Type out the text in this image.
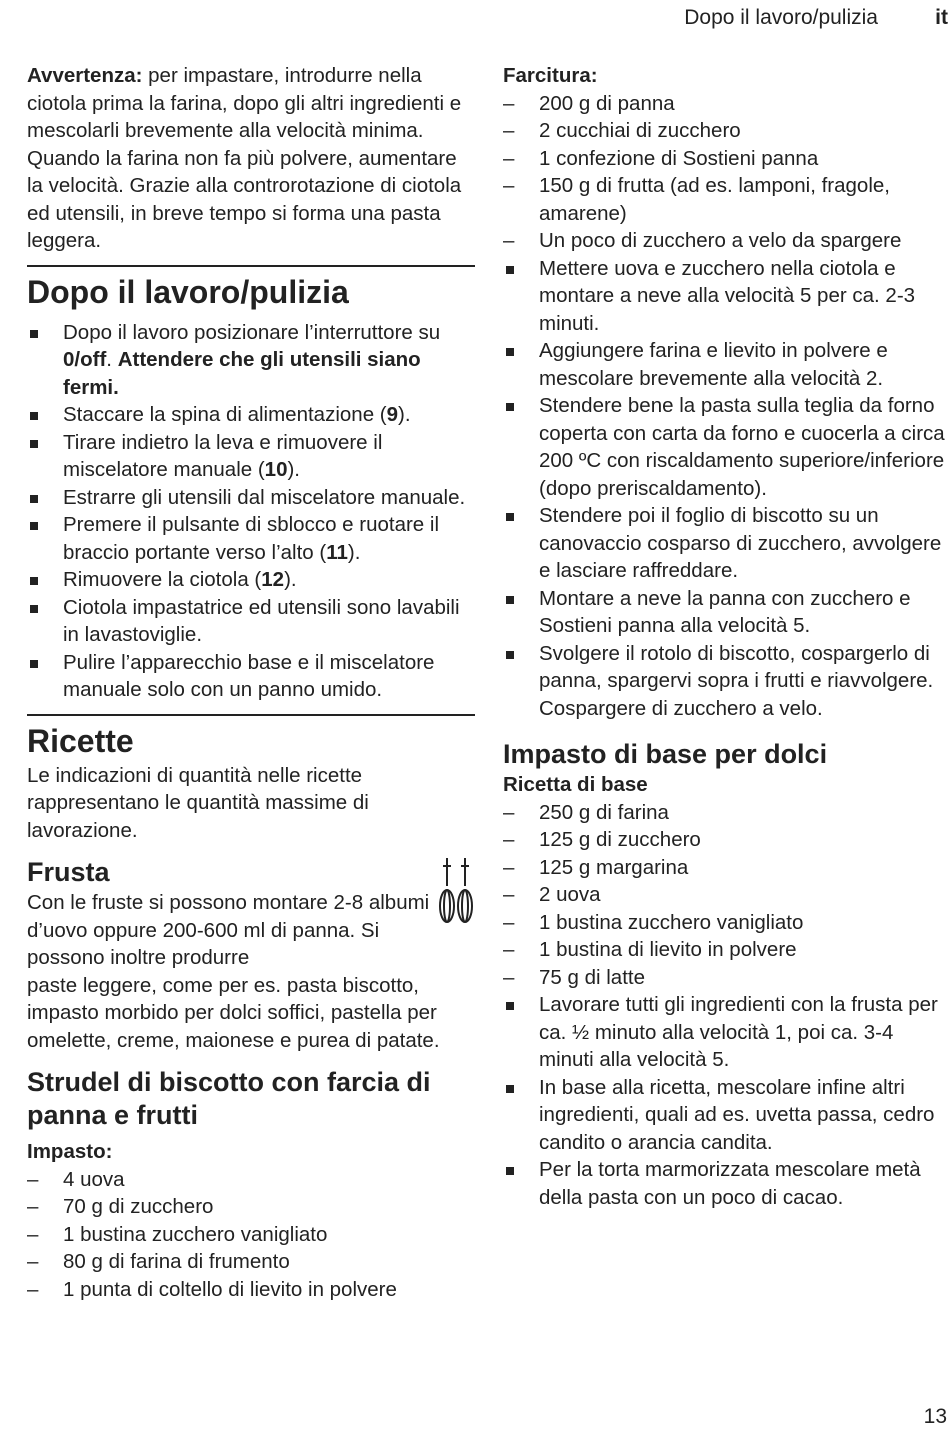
Dopo il lavoro/pulizia	it

Avvertenza: per impastare, introdurre nella ciotola prima la farina, dopo gli altri ingredienti e mescolarli brevemente alla velocità minima. Quando la farina non fa più polvere, aumentare la velocità. Grazie alla controrotazione di ciotola ed utensili, in breve tempo si forma una pasta leggera.

Dopo il lavoro/pulizia
Dopo il lavoro posizionare l’interruttore su 0/off. Attendere che gli utensili siano fermi.
Staccare la spina di alimentazione (9).
Tirare indietro la leva e rimuovere il miscelatore manuale (10).
Estrarre gli utensili dal miscelatore manuale.
Premere il pulsante di sblocco e ruotare il braccio portante verso l’alto (11).
Rimuovere la ciotola (12).
Ciotola impastatrice ed utensili sono lavabili in lavastoviglie.
Pulire l’apparecchio base e il miscelatore manuale solo con un panno umido.
Ricette

Le indicazioni di quantità nelle ricette rappresentano le quantità massime di lavorazione.

Frusta

Con le fruste si possono montare 2-8 albumi d’uovo oppure 200-600 ml di panna. Si possono inoltre produrre

paste leggere, come per es. pasta biscotto, impasto morbido per dolci soffici, pastella per omelette, creme, maionese e purea di patate.

Strudel di biscotto con farcia di panna e frutti
Impasto:
– 4 uova
– 70 g di zucchero
– 1 bustina zucchero vanigliato
– 80 g di farina di frumento
– 1 punta di coltello di lievito in polvere
Farcitura:
– 200 g di panna
– 2 cucchiai di zucchero
– 1 confezione di Sostieni panna
– 150 g di frutta (ad es. lamponi, fragole, amarene)
– Un poco di zucchero a velo da spargere
Mettere uova e zucchero nella ciotola e montare a neve alla velocità 5 per ca. 2-3 minuti.
Aggiungere farina e lievito in polvere e mescolare brevemente alla velocità 2.
Stendere bene la pasta sulla teglia da forno coperta con carta da forno e cuocerla a circa 200 ºC con riscaldamento superiore/inferiore (dopo preriscaldamento).
Stendere poi il foglio di biscotto su un canovaccio cosparso di zucchero, avvolgere e lasciare raffreddare.
Montare a neve la panna con zucchero e Sostieni panna alla velocità 5.
Svolgere il rotolo di biscotto, cospargerlo di panna, spargervi sopra i frutti e riavvolgere. Cospargere di zucchero a velo.
Impasto di base per dolci
Ricetta di base
– 250 g di farina
– 125 g di zucchero
– 125 g margarina
– 2 uova
– 1 bustina zucchero vanigliato
– 1 bustina di lievito in polvere
– 75 g di latte
Lavorare tutti gli ingredienti con la frusta per ca. ½ minuto alla velocità 1, poi ca. 3-4 minuti alla velocità 5.
In base alla ricetta, mescolare infine altri ingredienti, quali ad es. uvetta passa, cedro candito o arancia candita.
Per la torta marmorizzata mescolare metà della pasta con un poco di cacao.
13
